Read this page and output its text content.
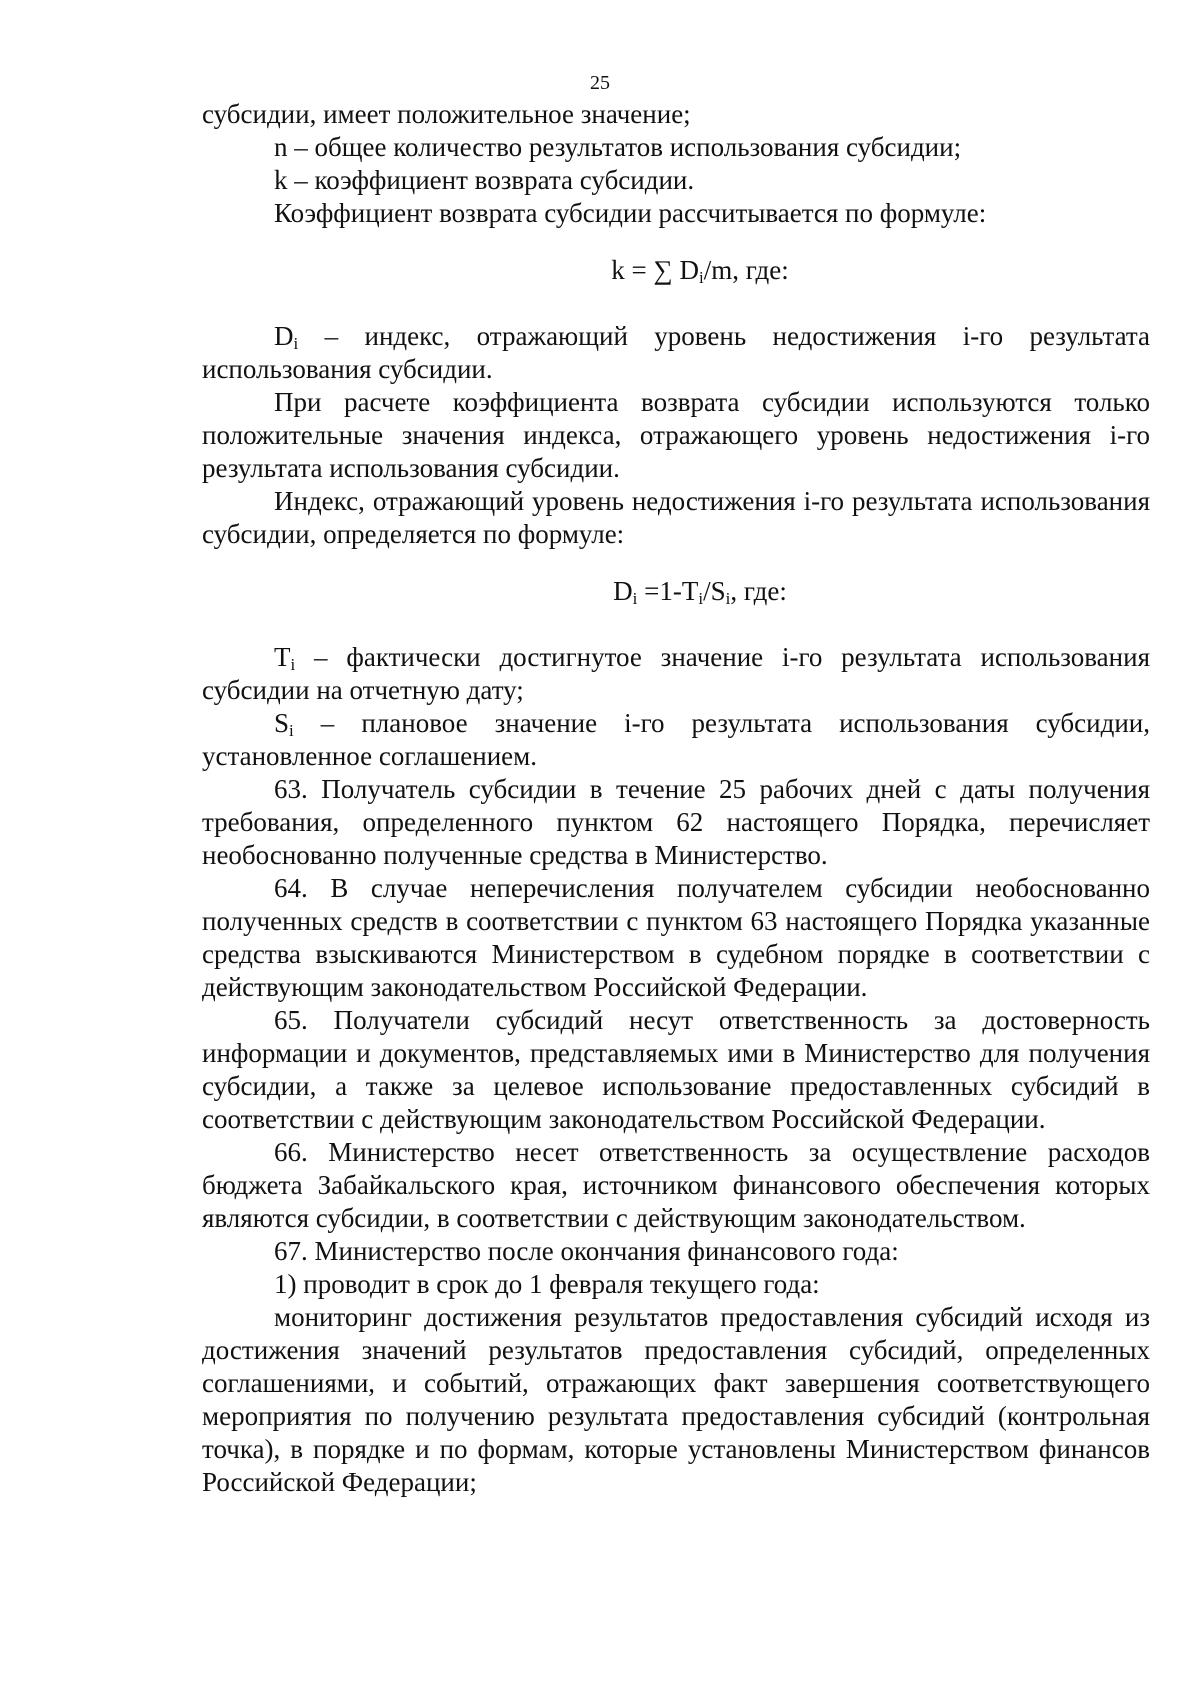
25

субсидии, имеет положительное значение;

n – общее количество результатов использования субсидии;

k – коэффициент возврата субсидии.

Коэффициент возврата субсидии рассчитывается по формуле:

k = ∑ $D_i/m$, где:

$D_i$ – индекс, отражающий уровень недостижения i-го результата использования субсидии.

При расчете коэффициента возврата субсидии используются только положительные значения индекса, отражающего уровень недостижения i-го результата использования субсидии.

Индекс, отражающий уровень недостижения i-го результата использования субсидии, определяется по формуле:

$D_i =1-T_i/S_i$, где:

$T_i$ – фактически достигнутое значение i-го результата использования субсидии на отчетную дату;

$S_i$ – плановое значение i-го результата использования субсидии, установленное соглашением.

63. Получатель субсидии в течение 25 рабочих дней с даты получения требования, определенного пунктом 62 настоящего Порядка, перечисляет необоснованно полученные средства в Министерство.

64. В случае неперечисления получателем субсидии необоснованно полученных средств в соответствии с пунктом 63 настоящего Порядка указанные средства взыскиваются Министерством в судебном порядке в соответствии с действующим законодательством Российской Федерации.

65. Получатели субсидий несут ответственность за достоверность информации и документов, представляемых ими в Министерство для получения субсидии, а также за целевое использование предоставленных субсидий в соответствии с действующим законодательством Российской Федерации.

66. Министерство несет ответственность за осуществление расходов бюджета Забайкальского края, источником финансового обеспечения которых являются субсидии, в соответствии с действующим законодательством.

67. Министерство после окончания финансового года:

1) проводит в срок до 1 февраля текущего года:

мониторинг достижения результатов предоставления субсидий исходя из достижения значений результатов предоставления субсидий, определенных соглашениями, и событий, отражающих факт завершения соответствующего мероприятия по получению результата предоставления субсидий (контрольная точка), в порядке и по формам, которые установлены Министерством финансов Российской Федерации;
